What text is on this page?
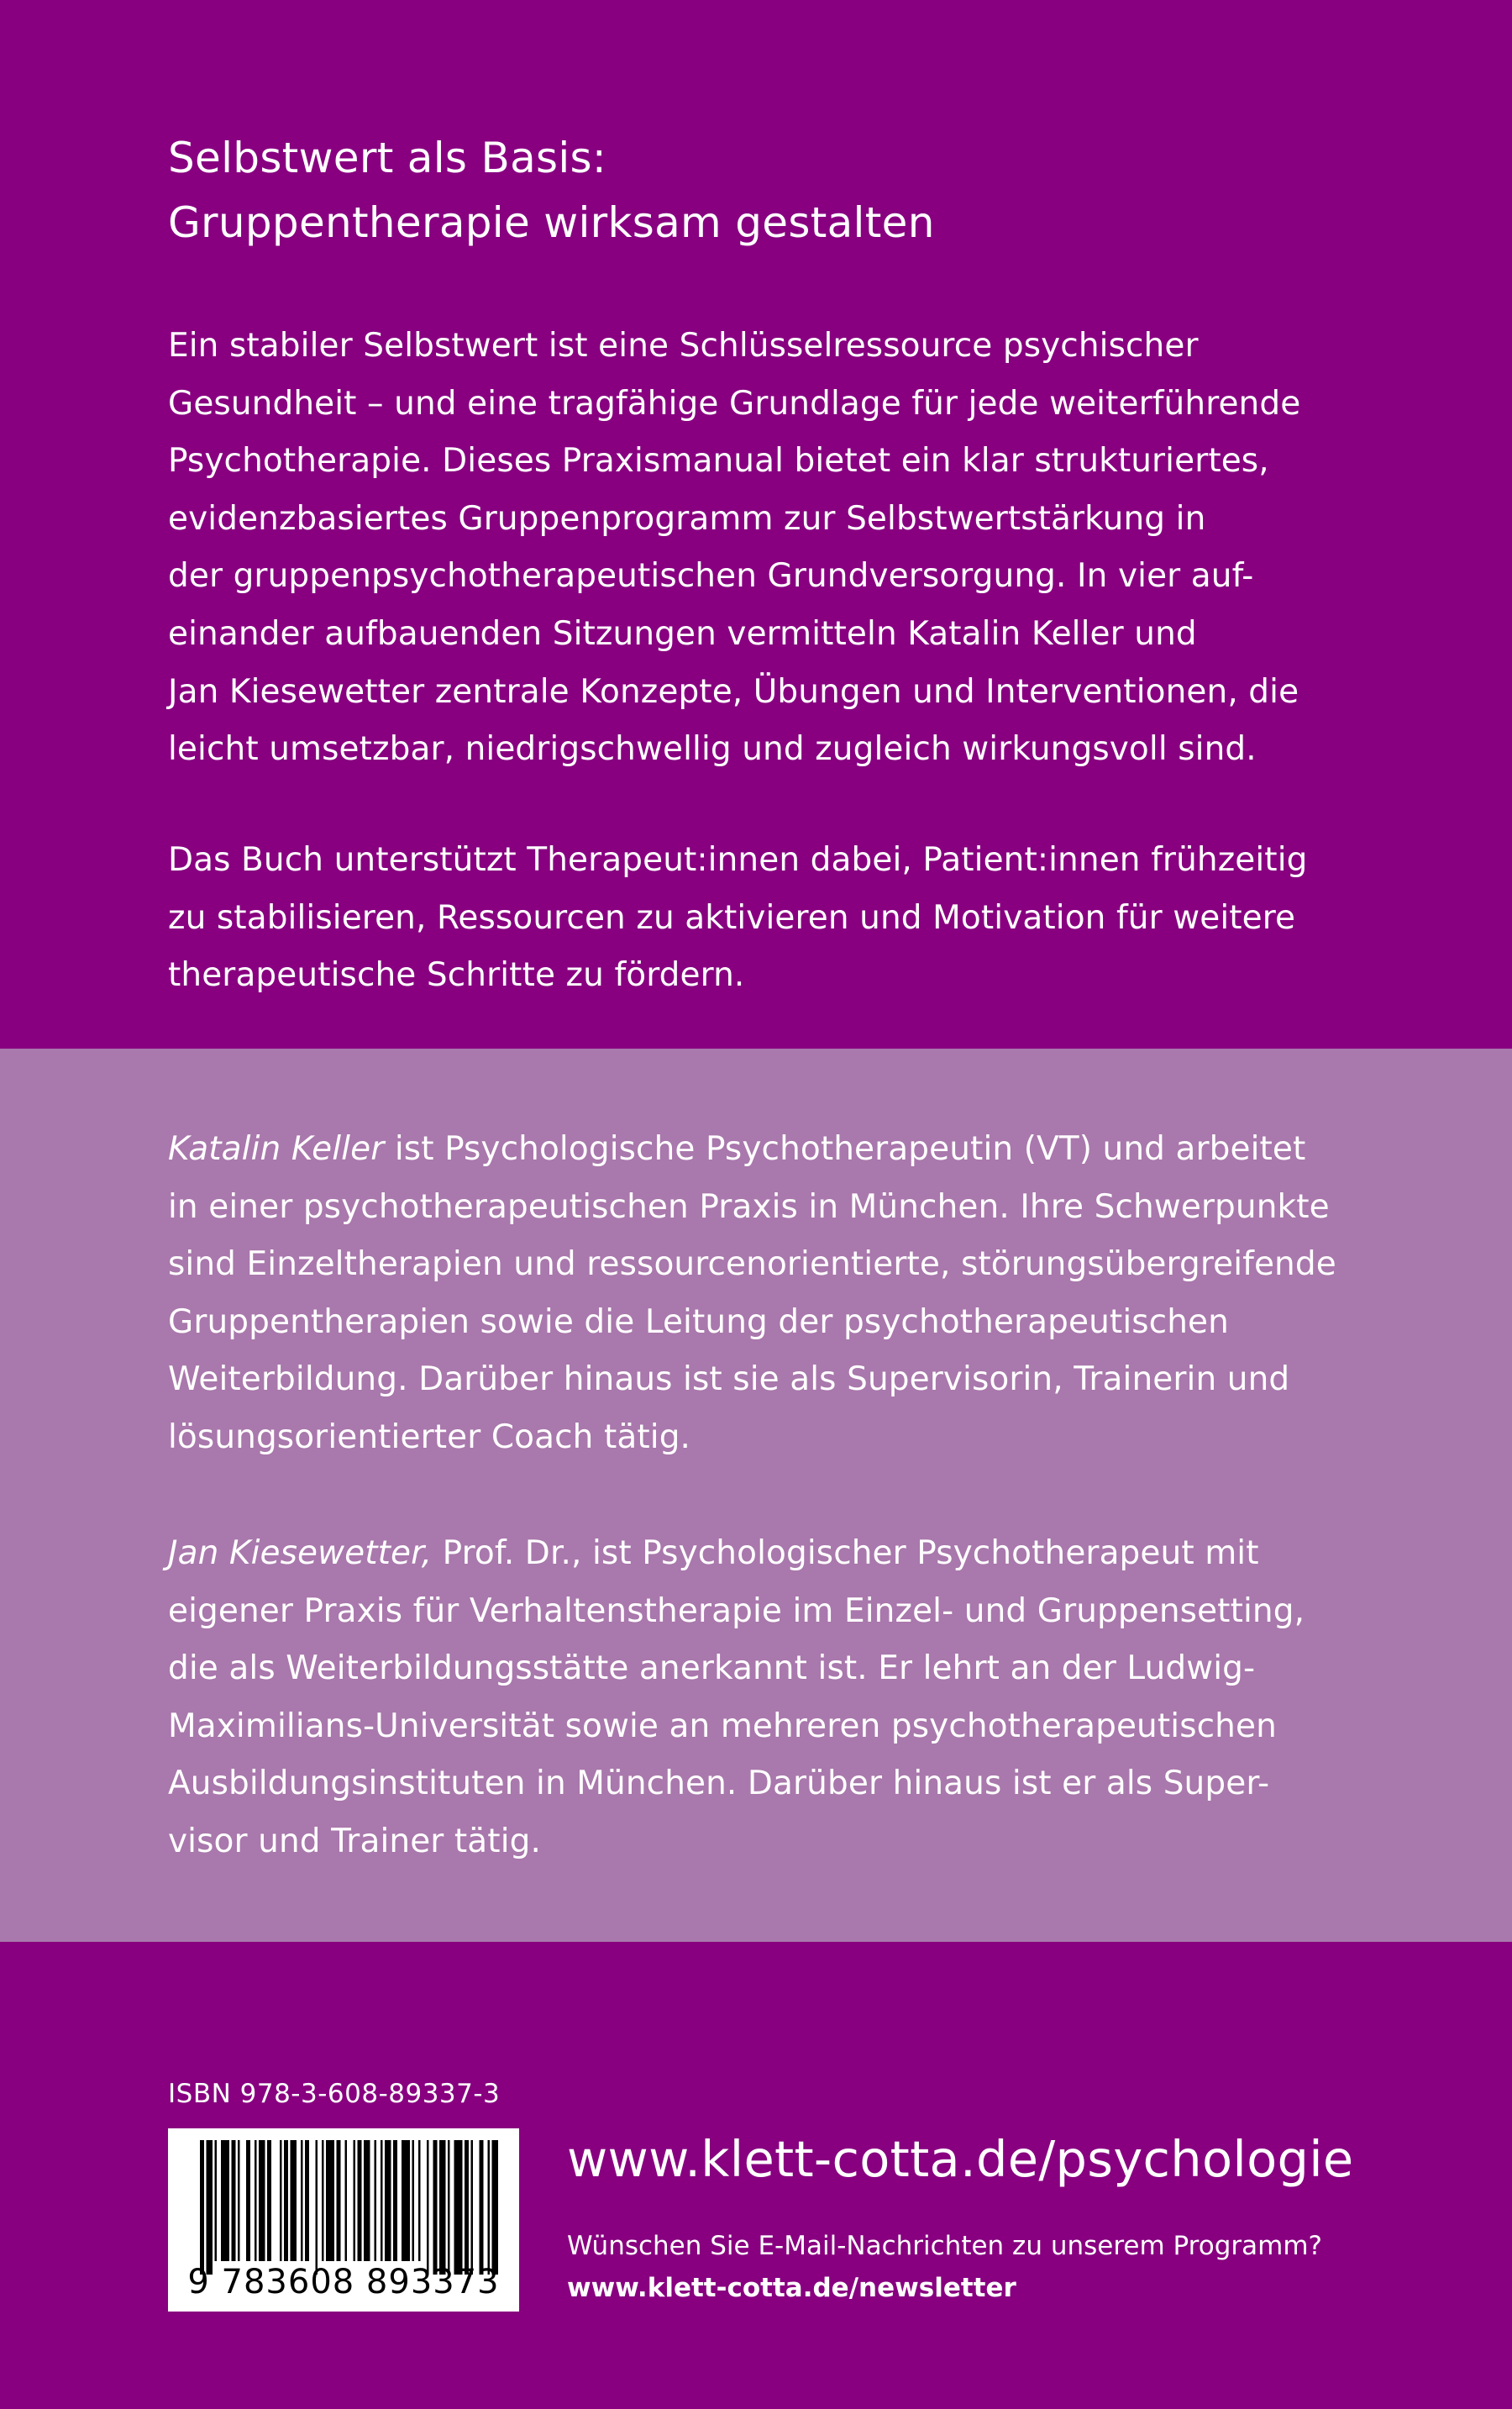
Selbstwert als Basis:
Gruppentherapie wirksam gestalten

Ein stabiler Selbstwert ist eine Schlüsselressource psychischer
Gesundheit – und eine tragfähige Grundlage für jede weiterführende
Psychotherapie. Dieses Praxismanual bietet ein klar strukturiertes,
evidenzbasiertes Gruppenprogramm zur Selbstwertstärkung in
der gruppenpsychotherapeutischen Grundversorgung. In vier auf-
einander aufbauenden Sitzungen vermitteln Katalin Keller und
Jan Kiesewetter zentrale Konzepte, Übungen und Interventionen, die
leicht umsetzbar, niedrigschwellig und zugleich wirkungsvoll sind.

Das Buch unterstützt Therapeut:innen dabei, Patient:innen frühzeitig
zu stabilisieren, Ressourcen zu aktivieren und Motivation für weitere
therapeutische Schritte zu fördern.

Katalin Keller ist Psychologische Psychotherapeutin (VT) und arbeitet
in einer psychotherapeutischen Praxis in München. Ihre Schwerpunkte
sind Einzeltherapien und ressourcenorientierte, störungsübergreifende
Gruppentherapien sowie die Leitung der psychotherapeutischen
Weiterbildung. Darüber hinaus ist sie als Supervisorin, Trainerin und
lösungsorientierter Coach tätig.

Jan Kiesewetter, Prof. Dr., ist Psychologischer Psychotherapeut mit
eigener Praxis für Verhaltenstherapie im Einzel- und Gruppensetting,
die als Weiterbildungsstätte anerkannt ist. Er lehrt an der Ludwig-
Maximilians-Universität sowie an mehreren psychotherapeutischen
Ausbildungsinstituten in München. Darüber hinaus ist er als Super-
visor und Trainer tätig.

ISBN 978-3-608-89337-3
9 783608 893373
www.klett-cotta.de/psychologie
Wünschen Sie E-Mail-Nachrichten zu unserem Programm?
www.klett-cotta.de/newsletter
